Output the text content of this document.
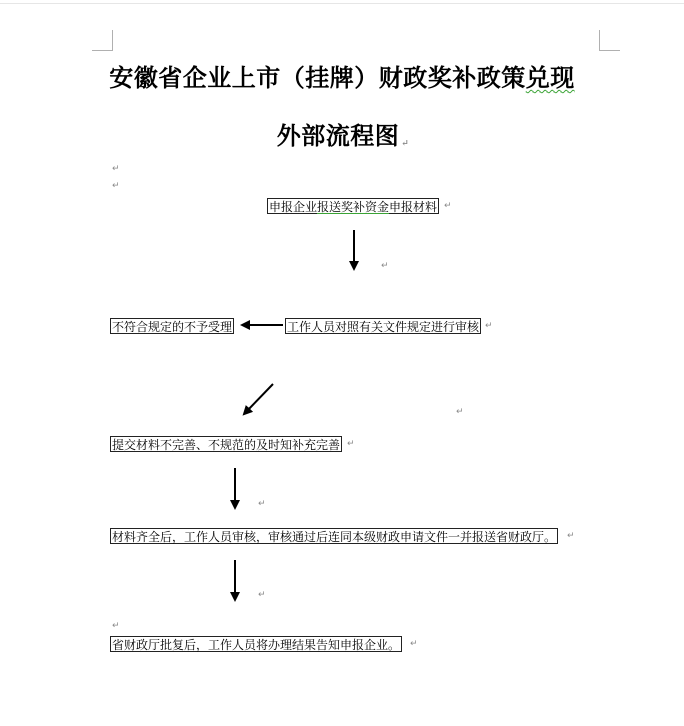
安徽省企业上市（挂牌）财政奖补政策兑现
外部流程图 ↵
↵
↵
申报企业报送奖补资金申报材料 ↵
↵
不符合规定的不予受理	工作人员对照有关文件规定进行审核 ↵
↵
提交材料不完善、不规范的及时知补充完善 ↵
↵
材料齐全后，工作人员审核，审核通过后连同本级财政申请文件一并报送省财政厅。 ↵
↵
↵
省财政厅批复后，工作人员将办理结果告知申报企业。 ↵
